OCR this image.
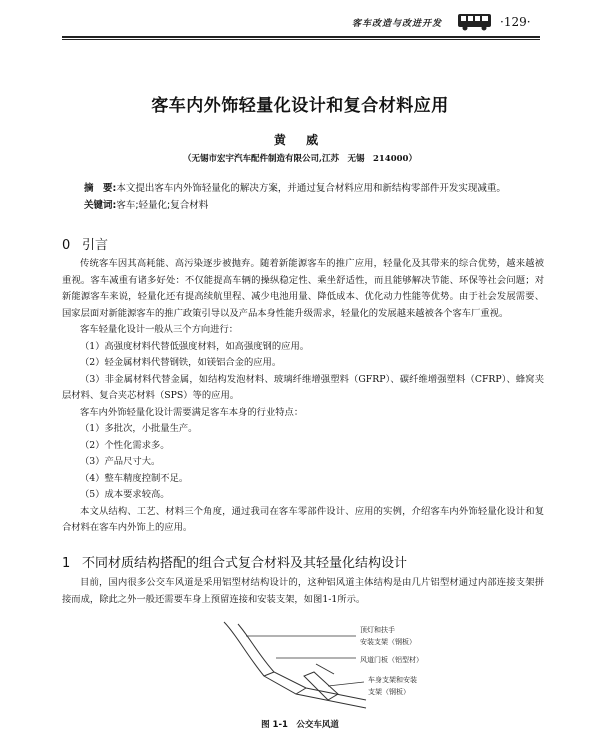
客车改造与改进开发	·129·
客车内外饰轻量化设计和复合材料应用
黄 威
（无锡市宏宇汽车配件制造有限公司,江苏　无锡　214000）
摘　要:本文提出客车内外饰轻量化的解决方案，并通过复合材料应用和新结构零部件开发实现减重。
关键词:客车;轻量化;复合材料
0 引言

传统客车因其高耗能、高污染逐步被抛弃。随着新能源客车的推广应用，轻量化及其带来的综合优势，越来越被重视。客车减重有诸多好处：不仅能提高车辆的操纵稳定性、乘坐舒适性，而且能够解决节能、环保等社会问题；对新能源客车来说，轻量化还有提高续航里程、减少电池用量、降低成本、优化动力性能等优势。由于社会发展需要、国家层面对新能源客车的推广政策引导以及产品本身性能升级需求，轻量化的发展越来越被各个客车厂重视。

客车轻量化设计一般从三个方向进行：

（1）高强度材料代替低强度材料，如高强度钢的应用。

（2）轻金属材料代替钢铁，如镁铝合金的应用。

（3）非金属材料代替金属，如结构发泡材料、玻璃纤维增强塑料（GFRP）、碳纤维增强塑料（CFRP）、蜂窝夹层材料、复合夹芯材料（SPS）等的应用。

客车内外饰轻量化设计需要满足客车本身的行业特点：

（1）多批次，小批量生产。

（2）个性化需求多。

（3）产品尺寸大。

（4）整车精度控制不足。

（5）成本要求较高。

本文从结构、工艺、材料三个角度，通过我司在客车零部件设计、应用的实例，介绍客车内外饰轻量化设计和复合材料在客车内外饰上的应用。

1 不同材质结构搭配的组合式复合材料及其轻量化结构设计

目前，国内很多公交车风道是采用铝型材结构设计的，这种铝风道主体结构是由几片铝型材通过内部连接支架拼接而成，除此之外一般还需要车身上预留连接和安装支架，如图1-1所示。

顶灯和扶手
安装支架（钢板）
风道门板（铝型材）
车身支架和安装
支架（钢板）
图 1-1　公交车风道
